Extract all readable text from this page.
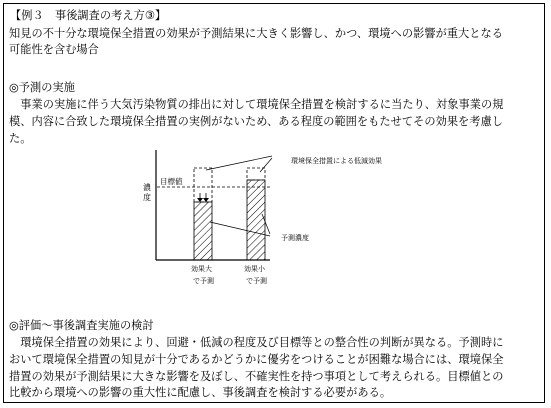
【例３　事後調査の考え方③】
知見の不十分な環境保全措置の効果が予測結果に大きく影響し、かつ、環境への影響が重大となる
可能性を含む場合
◎予測の実施
　事業の実施に伴う大気汚染物質の排出に対して環境保全措置を検討するに当たり、対象事業の規
模、内容に合致した環境保全措置の実例がないため、ある程度の範囲をもたせてその効果を考慮し
た。
濃
度
目標値
環境保全措置による低減効果
予測濃度
効果大
で予測
効果小
で予測
◎評価～事後調査実施の検討
　環境保全措置の効果により、回避・低減の程度及び目標等との整合性の判断が異なる。予測時に
おいて環境保全措置の知見が十分であるかどうかに優劣をつけることが困難な場合には、環境保全
措置の効果が予測結果に大きな影響を及ぼし、不確実性を持つ事項として考えられる。目標値との
比較から環境への影響の重大性に配慮し、事後調査を検討する必要がある。
